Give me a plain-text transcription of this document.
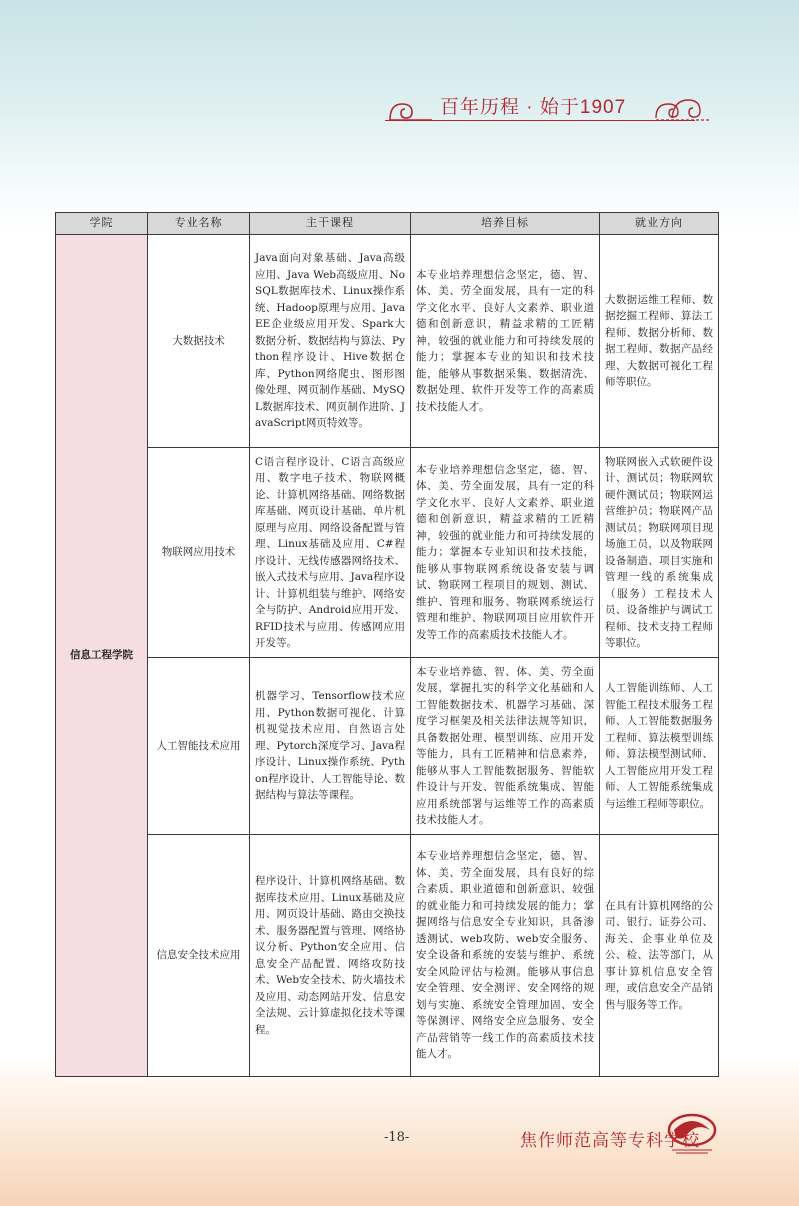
百年历程 · 始于1907
学院	专业名称	主干课程	培养目标	就业方向
信息工程学院	大数据技术	Java面向对象基础、Java高级应用、Java Web高级应用、NoSQL数据库技术、Linux操作系统、Hadoop原理与应用、Java EE企业级应用开发、Spark大数据分析、数据结构与算法、Python程序设计、Hive数据仓库、Python网络爬虫、图形图像处理、网页制作基础、MySQL数据库技术、网页制作进阶、JavaScript网页特效等。	本专业培养理想信念坚定，德、智、体、美、劳全面发展，具有一定的科学文化水平、良好人文素养、职业道德和创新意识，精益求精的工匠精神，较强的就业能力和可持续发展的能力；掌握本专业的知识和技术技能，能够从事数据采集、数据清洗、数据处理、软件开发等工作的高素质技术技能人才。	大数据运维工程师、数据挖掘工程师、算法工程师、数据分析师、数据工程师、数据产品经理、大数据可视化工程师等职位。
	物联网应用技术	C语言程序设计、C语言高级应用、数字电子技术、物联网概论、计算机网络基础、网络数据库基础、网页设计基础、单片机原理与应用、网络设备配置与管理、Linux基础及应用、C#程序设计、无线传感器网络技术、嵌入式技术与应用、Java程序设计、计算机组装与维护、网络安全与防护、Android应用开发、RFID技术与应用、传感网应用开发等。	本专业培养理想信念坚定，德、智、体、美、劳全面发展，具有一定的科学文化水平、良好人文素养、职业道德和创新意识，精益求精的工匠精神，较强的就业能力和可持续发展的能力；掌握本专业知识和技术技能，能够从事物联网系统设备安装与调试、物联网工程项目的规划、测试、维护、管理和服务、物联网系统运行管理和维护、物联网项目应用软件开发等工作的高素质技术技能人才。	物联网嵌入式软硬件设计、测试员；物联网软硬件测试员；物联网运营维护员；物联网产品测试员；物联网项目现场施工员，以及物联网设备制造、项目实施和管理一线的系统集成（服务）工程技术人员、设备维护与调试工程师、技术支持工程师等职位。
	人工智能技术应用	机器学习、Tensorflow技术应用、Python数据可视化、计算机视觉技术应用、自然语言处理、Pytorch深度学习、Java程序设计、Linux操作系统、Python程序设计、人工智能导论、数据结构与算法等课程。	本专业培养德、智、体、美、劳全面发展，掌握扎实的科学文化基础和人工智能数据技术、机器学习基础、深度学习框架及相关法律法规等知识，具备数据处理、模型训练、应用开发等能力，具有工匠精神和信息素养，能够从事人工智能数据服务、智能软件设计与开发、智能系统集成、智能应用系统部署与运维等工作的高素质技术技能人才。	人工智能训练师、人工智能工程技术服务工程师、人工智能数据服务工程师、算法模型训练师、算法模型测试师、人工智能应用开发工程师、人工智能系统集成与运维工程师等职位。
	信息安全技术应用	程序设计、计算机网络基础、数据库技术应用、Linux基础及应用、网页设计基础、路由交换技术、服务器配置与管理、网络协议分析、Python安全应用、信息安全产品配置、网络攻防技术、Web安全技术、防火墙技术及应用、动态网站开发、信息安全法规、云计算虚拟化技术等课程。	本专业培养理想信念坚定，德、智、体、美、劳全面发展，具有良好的综合素质、职业道德和创新意识、较强的就业能力和可持续发展的能力；掌握网络与信息安全专业知识，具备渗透测试、web攻防、web安全服务、安全设备和系统的安装与维护、系统安全风险评估与检测。能够从事信息安全管理、安全测评、安全网络的规划与实施、系统安全管理加固、安全等保测评、网络安全应急服务、安全产品营销等一线工作的高素质技术技能人才。	在具有计算机网络的公司、银行、证券公司、海关、企事业单位及公、检、法等部门，从事计算机信息安全管理，或信息安全产品销售与服务等工作。
-18-	焦作师范高等专科学校
